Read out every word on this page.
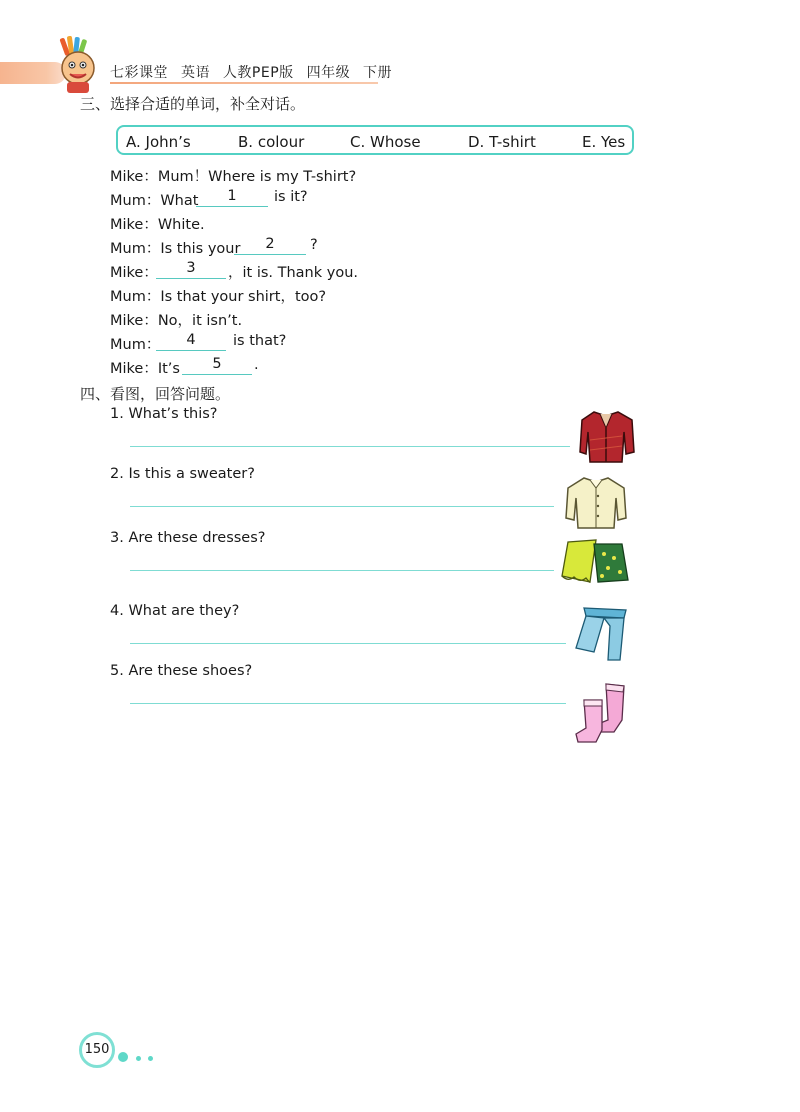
七彩课堂 英语 人教PEP版 四年级 下册
三、选择合适的单词，补全对话。
A. John’s	B. colour	C. Whose	D. T-shirt	E. Yes
Mike：Mum！Where is my T-shirt?
Mum：What	1	is it?
Mike：White.
Mum：Is this your	2	?
Mike：	3	，it is. Thank you.
Mum：Is that your shirt，too?
Mike：No，it isn’t.
Mum：	4	is that?
Mike：It’s	5	.
四、看图，回答问题。
1. What’s this?
2. Is this a sweater?
3. Are these dresses?
4. What are they?
5. Are these shoes?
150
